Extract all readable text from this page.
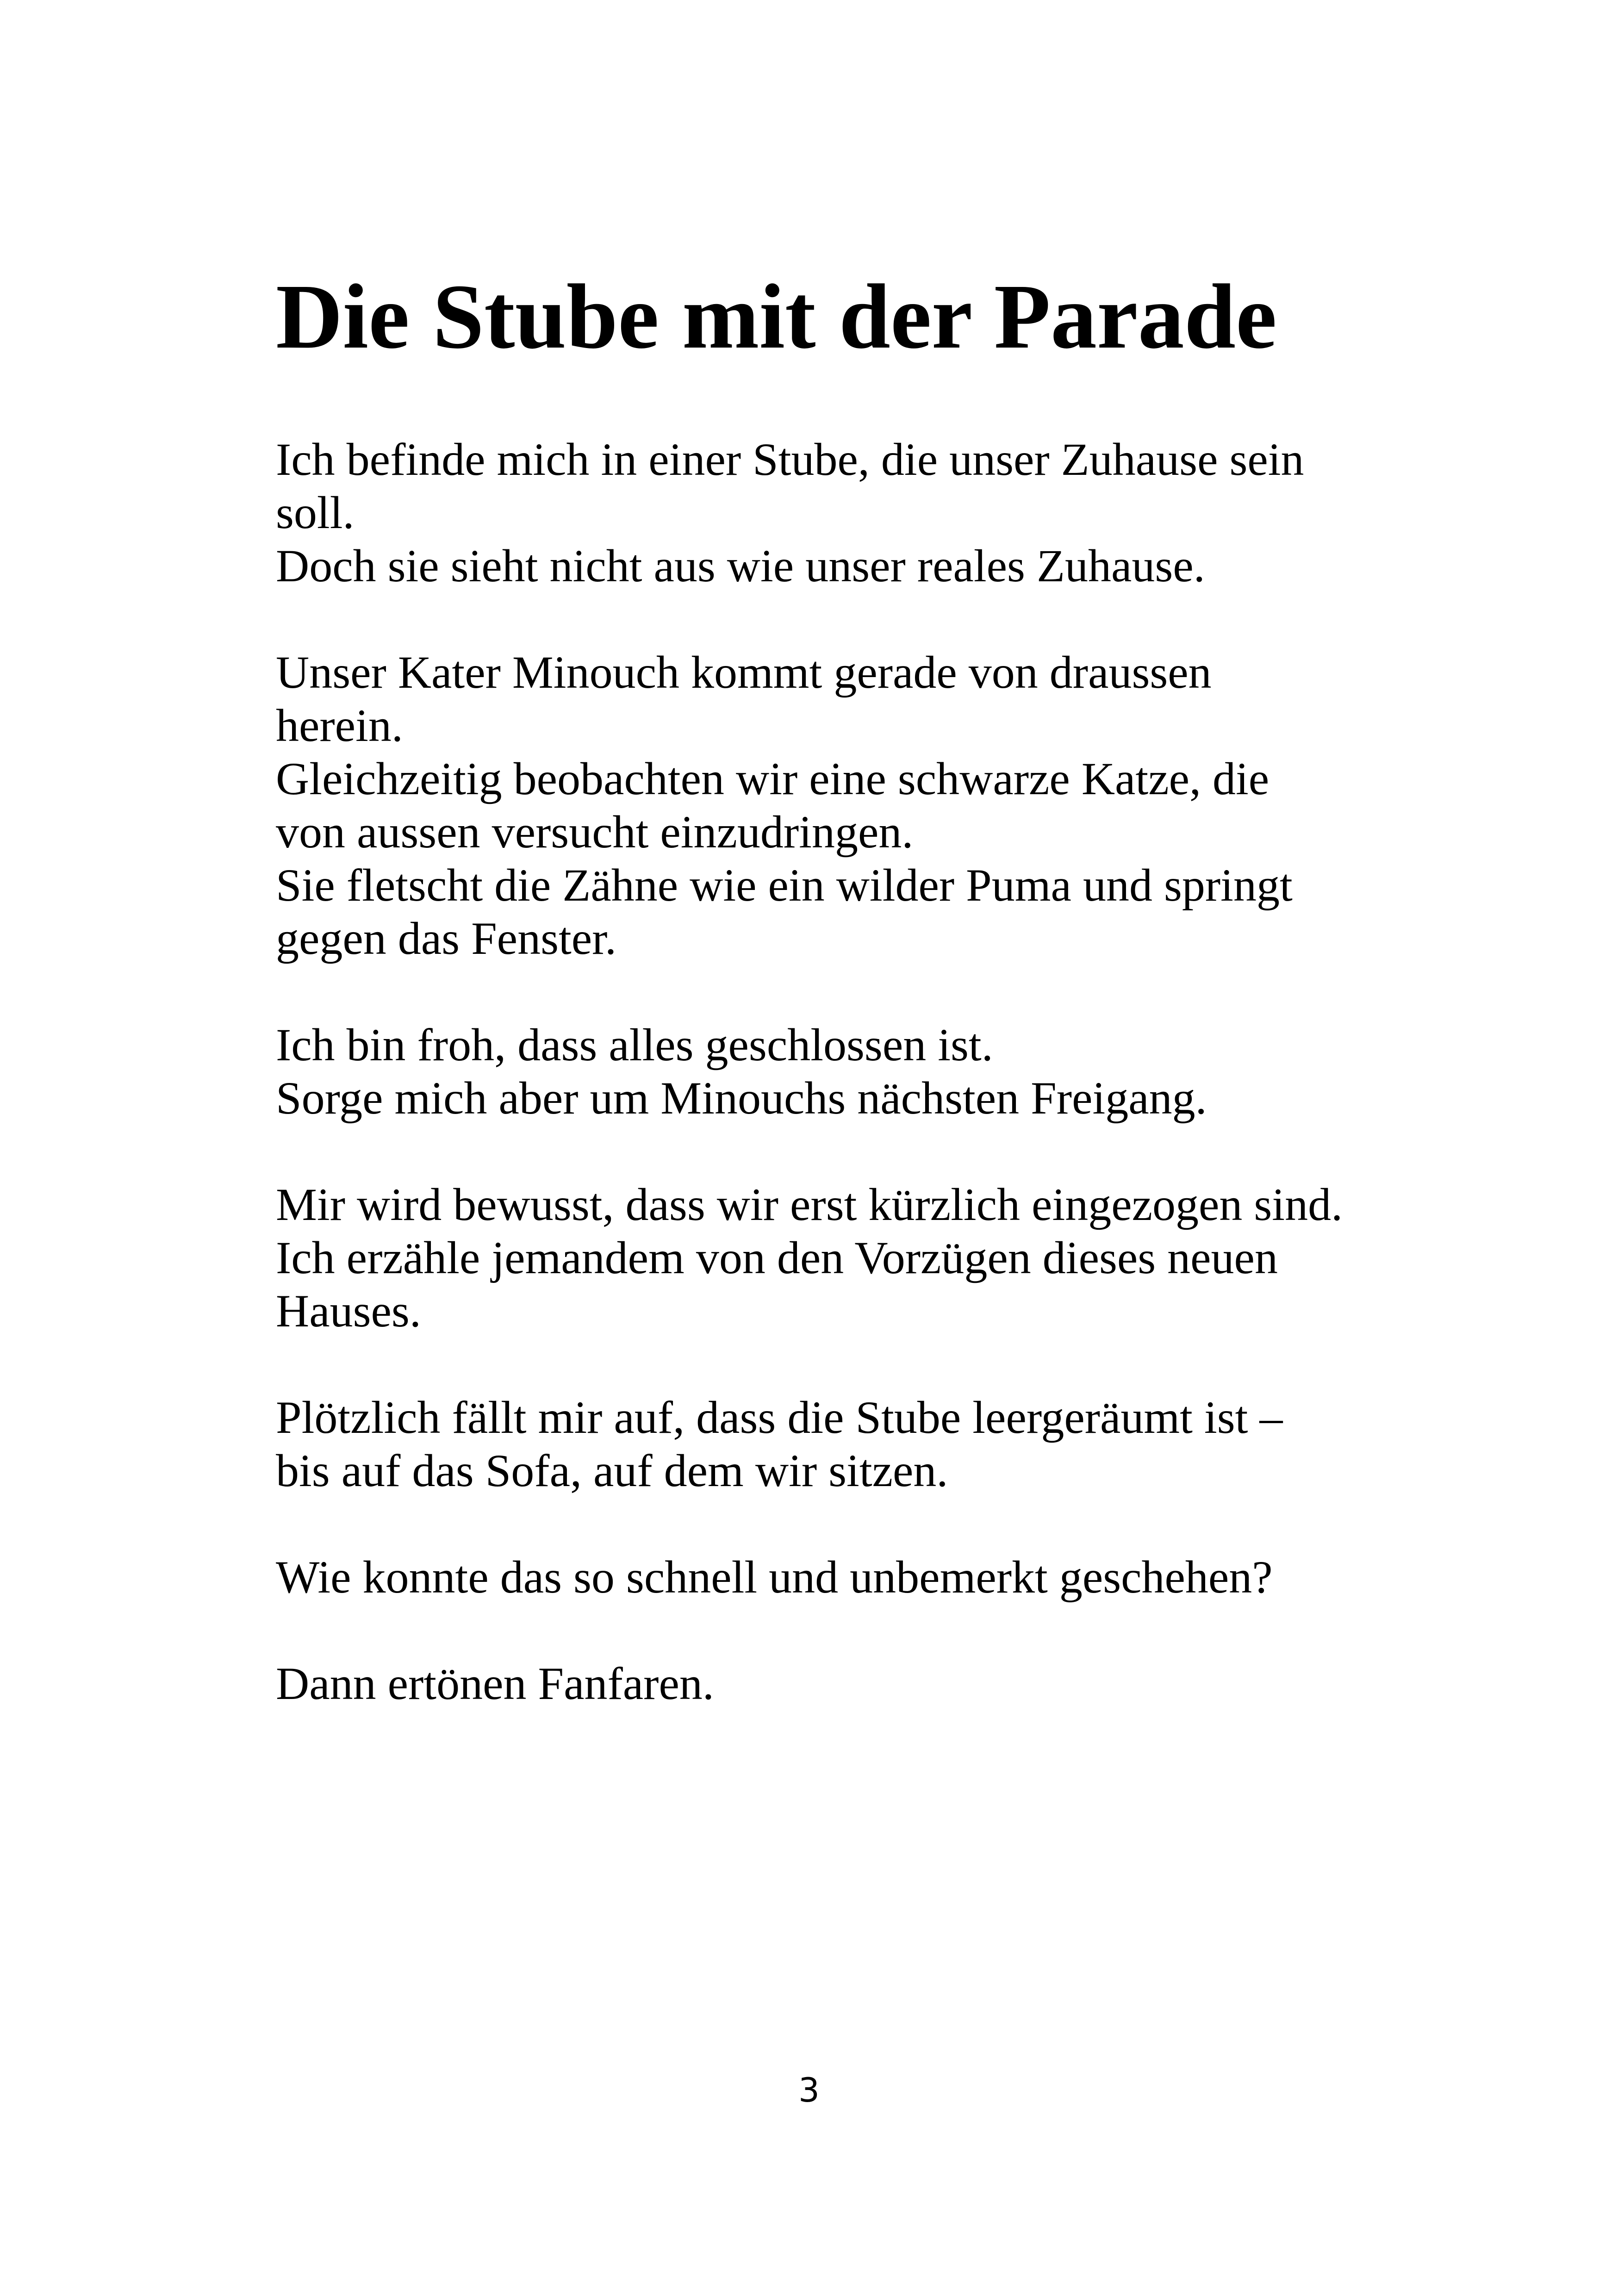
Die Stube mit der Parade
Ich befinde mich in einer Stube, die unser Zuhause sein
soll.
Doch sie sieht nicht aus wie unser reales Zuhause.
Unser Kater Minouch kommt gerade von draussen
herein.
Gleichzeitig beobachten wir eine schwarze Katze, die
von aussen versucht einzudringen.
Sie fletscht die Zähne wie ein wilder Puma und springt
gegen das Fenster.
Ich bin froh, dass alles geschlossen ist.
Sorge mich aber um Minouchs nächsten Freigang.
Mir wird bewusst, dass wir erst kürzlich eingezogen sind.
Ich erzähle jemandem von den Vorzügen dieses neuen
Hauses.
Plötzlich fällt mir auf, dass die Stube leergeräumt ist –
bis auf das Sofa, auf dem wir sitzen.
Wie konnte das so schnell und unbemerkt geschehen?
Dann ertönen Fanfaren.
3
